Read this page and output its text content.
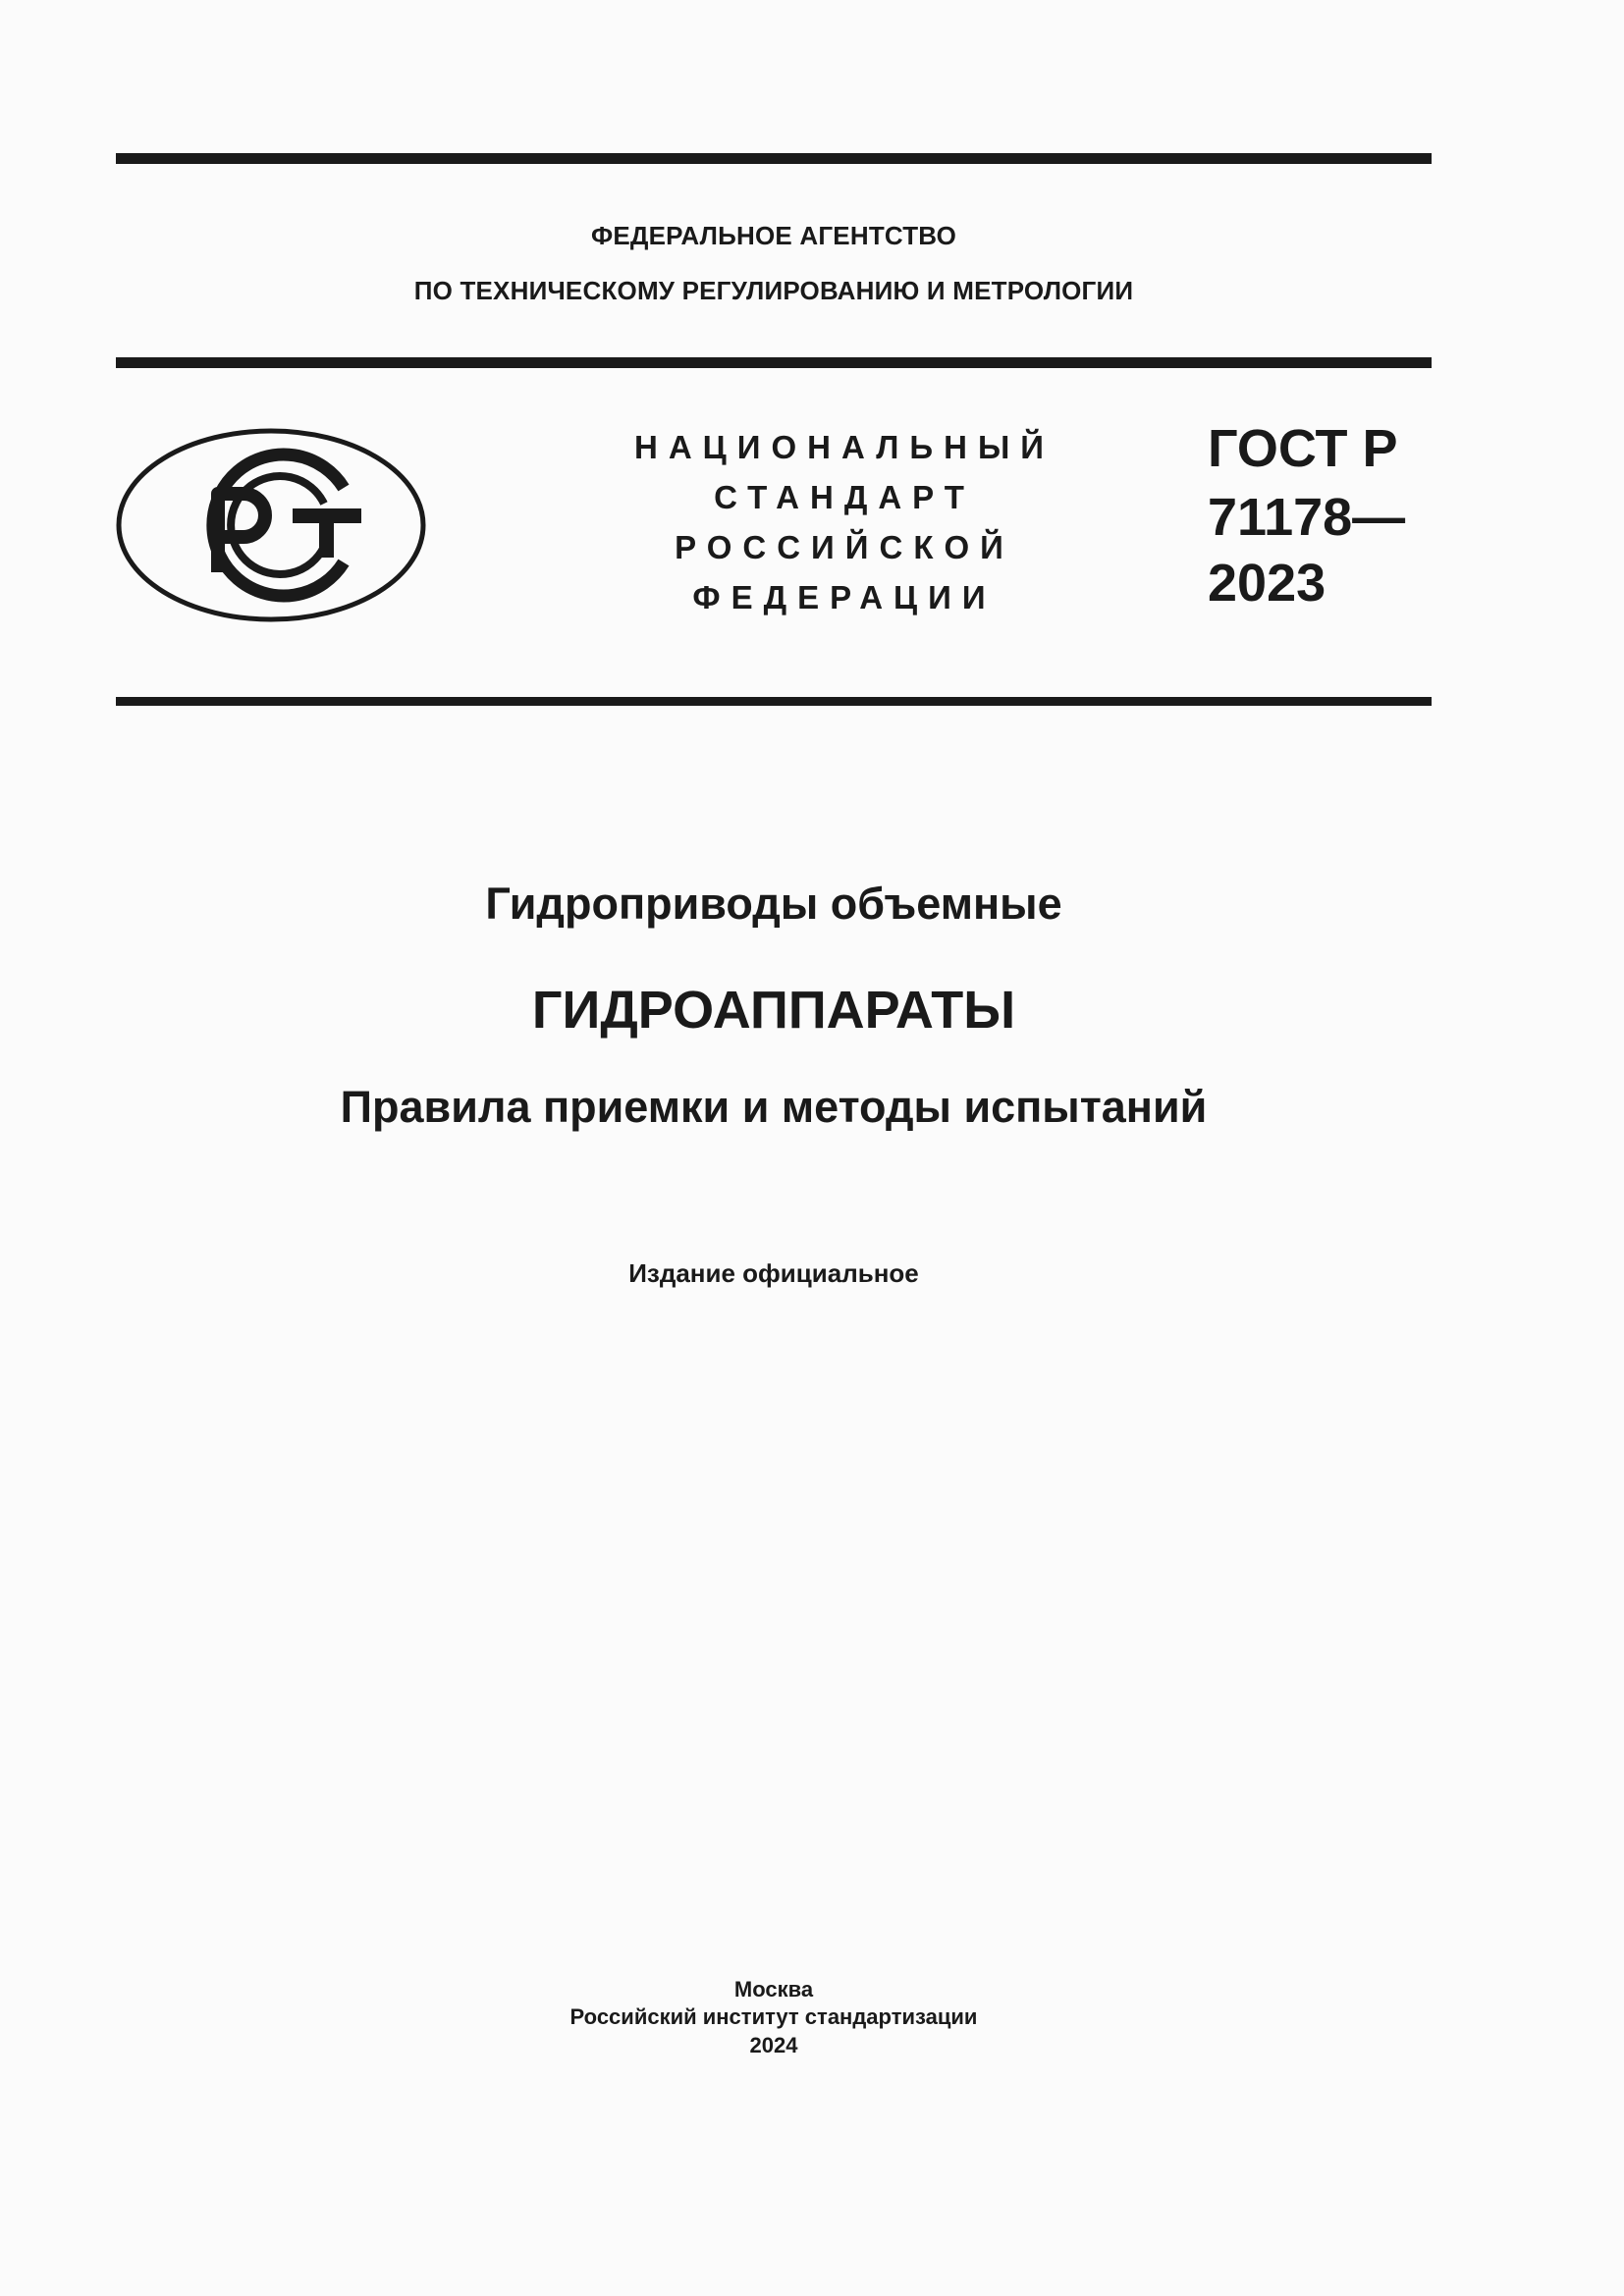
ФЕДЕРАЛЬНОЕ АГЕНТСТВО
ПО ТЕХНИЧЕСКОМУ РЕГУЛИРОВАНИЮ И МЕТРОЛОГИИ
НАЦИОНАЛЬНЫЙ
СТАНДАРТ
РОССИЙСКОЙ
ФЕДЕРАЦИИ
ГОСТ Р
71178—
2023
Гидроприводы объемные
ГИДРОАППАРАТЫ
Правила приемки и методы испытаний
Издание официальное
Москва
Российский институт стандартизации
2024
